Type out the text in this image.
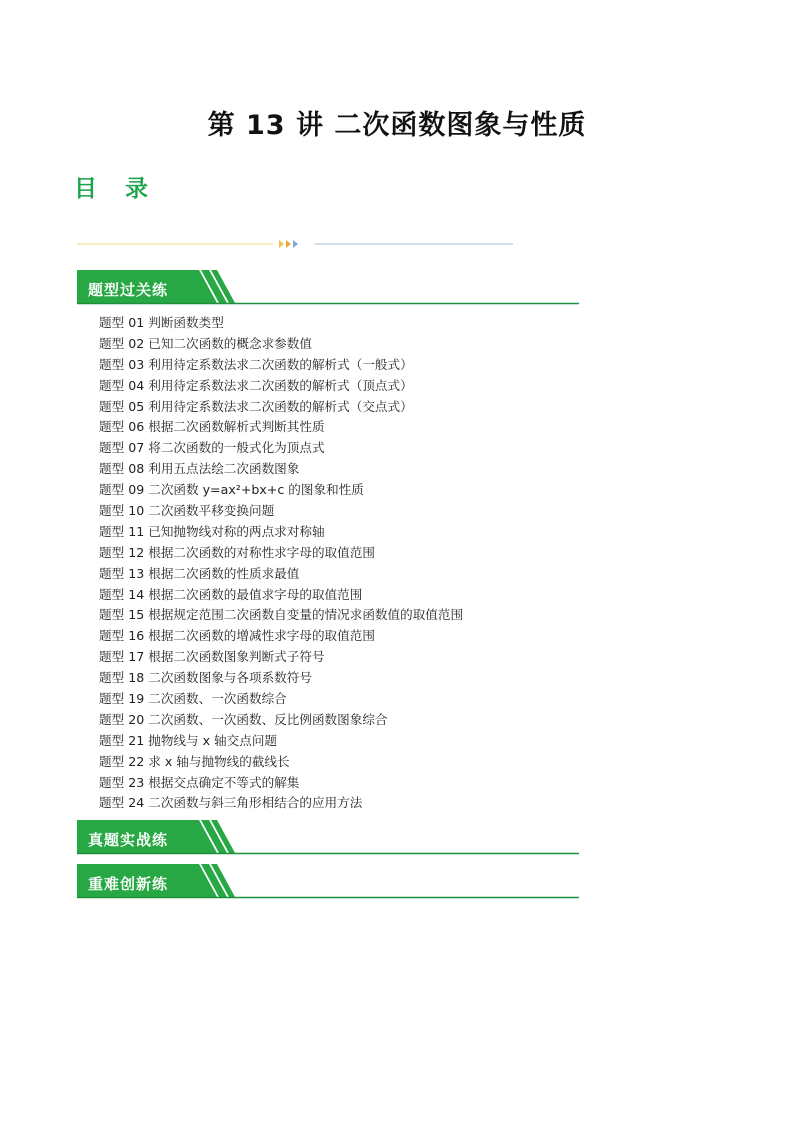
第 13 讲 二次函数图象与性质
目 录
题型过关练
题型 01 判断函数类型
题型 02 已知二次函数的概念求参数值
题型 03 利用待定系数法求二次函数的解析式（一般式）
题型 04 利用待定系数法求二次函数的解析式（顶点式）
题型 05 利用待定系数法求二次函数的解析式（交点式）
题型 06 根据二次函数解析式判断其性质
题型 07 将二次函数的一般式化为顶点式
题型 08 利用五点法绘二次函数图象
题型 09 二次函数 y=ax²+bx+c 的图象和性质
题型 10 二次函数平移变换问题
题型 11 已知抛物线对称的两点求对称轴
题型 12 根据二次函数的对称性求字母的取值范围
题型 13 根据二次函数的性质求最值
题型 14 根据二次函数的最值求字母的取值范围
题型 15 根据规定范围二次函数自变量的情况求函数值的取值范围
题型 16 根据二次函数的增减性求字母的取值范围
题型 17 根据二次函数图象判断式子符号
题型 18 二次函数图象与各项系数符号
题型 19 二次函数、一次函数综合
题型 20 二次函数、一次函数、反比例函数图象综合
题型 21 抛物线与 x 轴交点问题
题型 22 求 x 轴与抛物线的截线长
题型 23 根据交点确定不等式的解集
题型 24 二次函数与斜三角形相结合的应用方法
真题实战练
重难创新练
